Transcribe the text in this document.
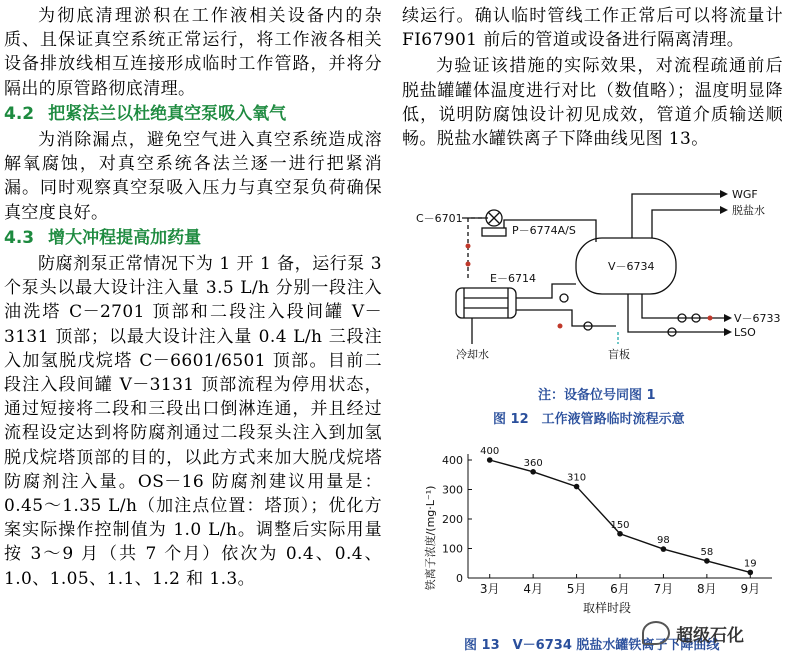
为彻底清理淤积在工作液相关设备内的杂质、且保证真空系统正常运行，将工作液各相关设备排放线相互连接形成临时工作管路，并将分隔出的原管路彻底清理。

4.2 把紧法兰以杜绝真空泵吸入氧气

为消除漏点，避免空气进入真空系统造成溶解氧腐蚀，对真空系统各法兰逐一进行把紧消漏。同时观察真空泵吸入压力与真空泵负荷确保真空度良好。

4.3 增大冲程提高加药量

防腐剂泵正常情况下为 1 开 1 备，运行泵 3 个泵头以最大设计注入量 3.5 L/h 分别一段注入油洗塔 C－2701 顶部和二段注入段间罐 V－3131 顶部；以最大设计注入量 0.4 L/h 三段注入加氢脱戊烷塔 C－6601/6501 顶部。目前二段注入段间罐 V－3131 顶部流程为停用状态，通过短接将二段和三段出口倒淋连通，并且经过流程设定达到将防腐剂通过二段泵头注入到加氢脱戊烷塔顶部的目的，以此方式来加大脱戊烷塔防腐剂注入量。OS－16 防腐剂建议用量是：0.45～1.35 L/h（加注点位置：塔顶）；优化方案实际操作控制值为 1.0 L/h。调整后实际用量按 3～9 月（共 7 个月）依次为 0.4、0.4、1.0、1.05、1.1、1.2 和 1.3。

续运行。确认临时管线工作正常后可以将流量计 FI67901 前后的管道或设备进行隔离清理。

为验证该措施的实际效果，对流程疏通前后脱盐罐罐体温度进行对比（数值略）；温度明显降低，说明防腐蚀设计初见成效，管道介质输送顺畅。脱盐水罐铁离子下降曲线见图 13。

WGF
脱盐水
C－6701
P－6774A/S
E－6714
V－6734
V－6733
LSO
盲板
冷却水
注：设备位号同图 1
图 12　工作液管路临时流程示意
0
100
200
300
400
3月 4月 5月 6月 7月 8月 9月
400
360
310
150
98
58
19
铁离子浓度/(mg·L⁻¹)
取样时段
图 13　V－6734 脱盐水罐铁离子下降曲线
超级石化
